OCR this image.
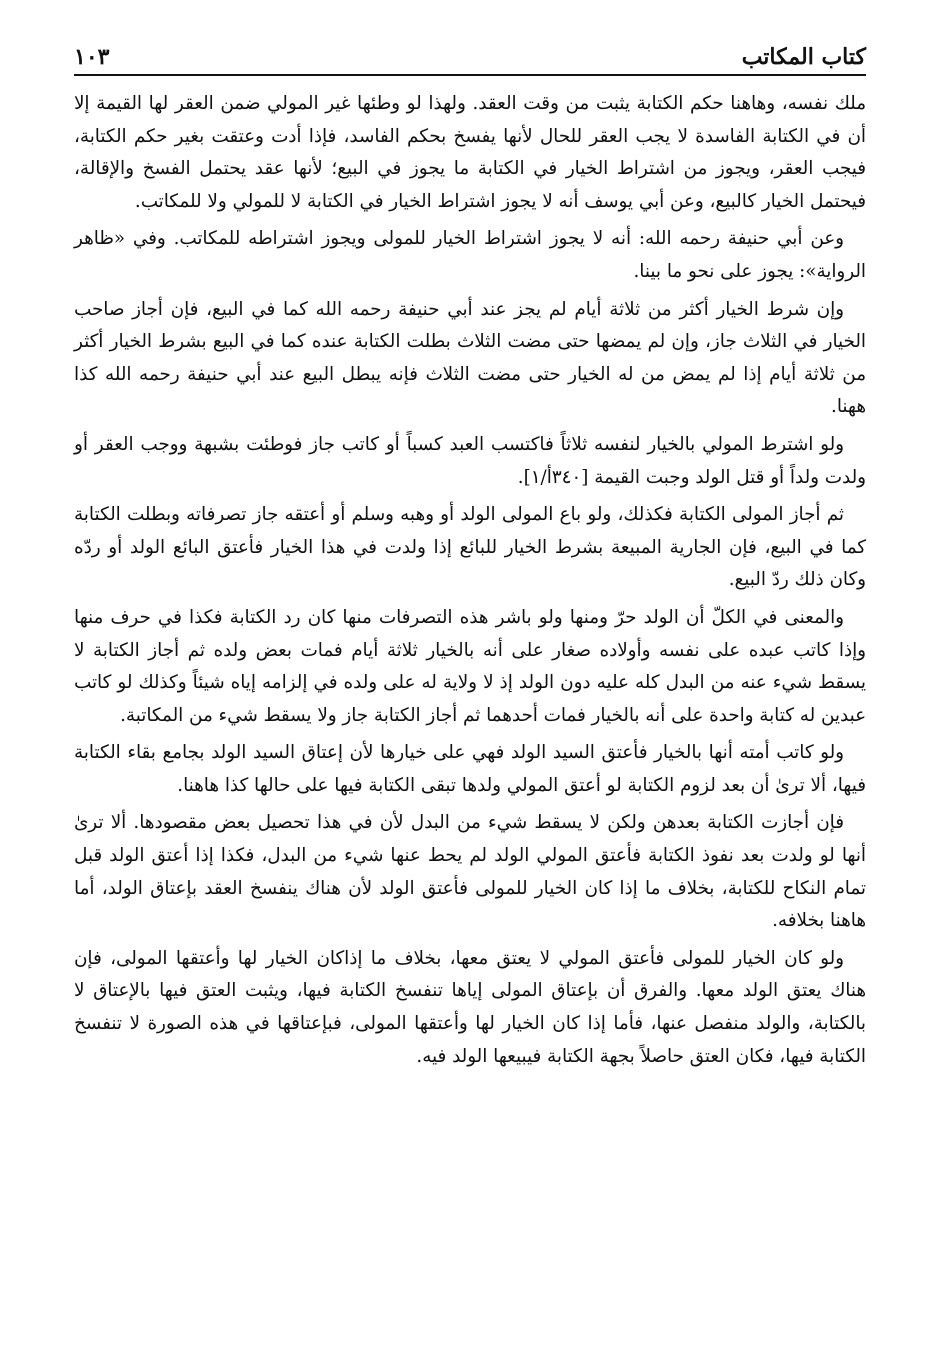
كتاب المكاتب
١٠٣

ملك نفسه، وهاهنا حكم الكتابة يثبت من وقت العقد. ولهذا لو وطئها غير المولي ضمن العقر لها القيمة إلا أن في الكتابة الفاسدة لا يجب العقر للحال لأنها يفسخ بحكم الفاسد، فإذا أدت وعتقت بغير حكم الكتابة، فيجب العقر، ويجوز من اشتراط الخيار في الكتابة ما يجوز في البيع؛ لأنها عقد يحتمل الفسخ والإقالة، فيحتمل الخيار كالبيع، وعن أبي يوسف أنه لا يجوز اشتراط الخيار في الكتابة لا للمولي ولا للمكاتب.

وعن أبي حنيفة رحمه الله: أنه لا يجوز اشتراط الخيار للمولى ويجوز اشتراطه للمكاتب. وفي «ظاهر الرواية»: يجوز على نحو ما بينا.

وإن شرط الخيار أكثر من ثلاثة أيام لم يجز عند أبي حنيفة رحمه الله كما في البيع، فإن أجاز صاحب الخيار في الثلاث جاز، وإن لم يمضها حتى مضت الثلاث بطلت الكتابة عنده كما في البيع بشرط الخيار أكثر من ثلاثة أيام إذا لم يمض من له الخيار حتى مضت الثلاث فإنه يبطل البيع عند أبي حنيفة رحمه الله كذا ههنا.

ولو اشترط المولي بالخيار لنفسه ثلاثاً فاكتسب العبد كسباً أو كاتب جاز فوطئت بشبهة ووجب العقر أو ولدت ولداً أو قتل الولد وجبت القيمة [٣٤٠أ/١].

ثم أجاز المولى الكتابة فكذلك، ولو باع المولى الولد أو وهبه وسلم أو أعتقه جاز تصرفاته وبطلت الكتابة كما في البيع، فإن الجارية المبيعة بشرط الخيار للبائع إذا ولدت في هذا الخيار فأعتق البائع الولد أو ردّه وكان ذلك ردّ البيع.

والمعنى في الكلّ أن الولد حرّ ومنها ولو باشر هذه التصرفات منها كان رد الكتابة فكذا في حرف منها وإذا كاتب عبده على نفسه وأولاده صغار على أنه بالخيار ثلاثة أيام فمات بعض ولده ثم أجاز الكتابة لا يسقط شيء عنه من البدل كله عليه دون الولد إذ لا ولاية له على ولده في إلزامه إياه شيئاً وكذلك لو كاتب عبدين له كتابة واحدة على أنه بالخيار فمات أحدهما ثم أجاز الكتابة جاز ولا يسقط شيء من المكاتبة.

ولو كاتب أمته أنها بالخيار فأعتق السيد الولد فهي على خيارها لأن إعتاق السيد الولد بجامع بقاء الكتابة فيها، ألا ترىٰ أن بعد لزوم الكتابة لو أعتق المولي ولدها تبقى الكتابة فيها على حالها كذا هاهنا.

فإن أجازت الكتابة بعدهن ولكن لا يسقط شيء من البدل لأن في هذا تحصيل بعض مقصودها. ألا ترىٰ أنها لو ولدت بعد نفوذ الكتابة فأعتق المولي الولد لم يحط عنها شيء من البدل، فكذا إذا أعتق الولد قبل تمام النكاح للكتابة، بخلاف ما إذا كان الخيار للمولى فأعتق الولد لأن هناك ينفسخ العقد بإعتاق الولد، أما هاهنا بخلافه.

ولو كان الخيار للمولى فأعتق المولي لا يعتق معها، بخلاف ما إذاكان الخيار لها وأعتقها المولى، فإن هناك يعتق الولد معها. والفرق أن بإعتاق المولى إياها تنفسخ الكتابة فيها، ويثبت العتق فيها بالإعتاق لا بالكتابة، والولد منفصل عنها، فأما إذا كان الخيار لها وأعتقها المولى، فبإعتاقها في هذه الصورة لا تنفسخ الكتابة فيها، فكان العتق حاصلاً بجهة الكتابة فيبيعها الولد فيه.
